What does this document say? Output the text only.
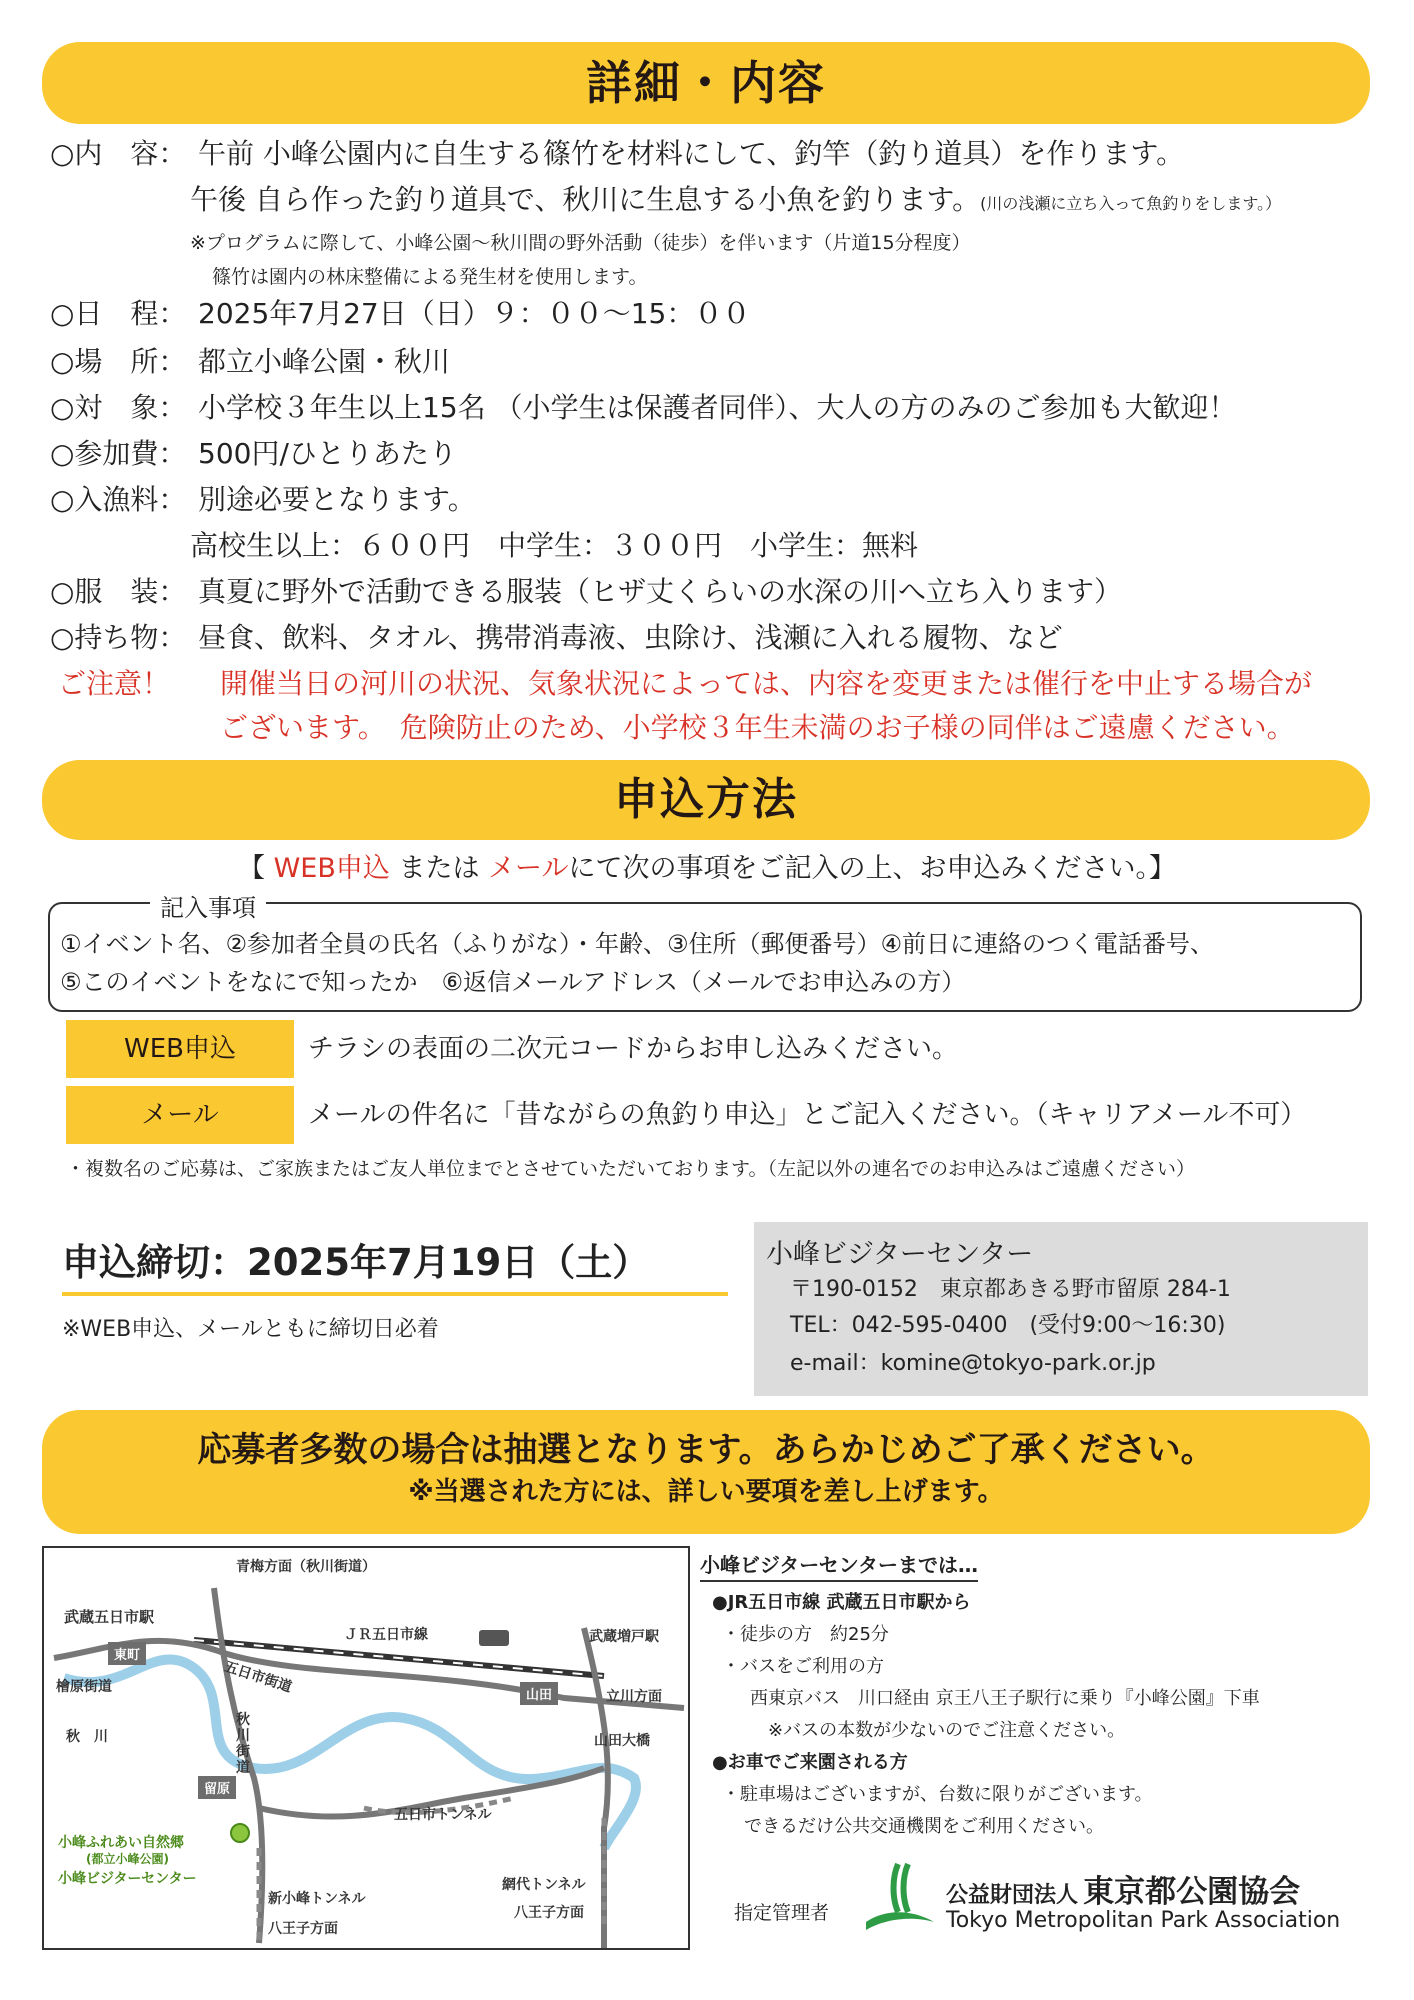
詳細・内容
○内　容： 午前 小峰公園内に自生する篠竹を材料にして、釣竿（釣り道具）を作ります。
午後 自ら作った釣り道具で、秋川に生息する小魚を釣ります。(川の浅瀬に立ち入って魚釣りをします。）
※プログラムに際して、小峰公園～秋川間の野外活動（徒歩）を伴います（片道15分程度）
篠竹は園内の林床整備による発生材を使用します。
○日　程： 2025年7月27日（日）９：００～15：００
○場　所： 都立小峰公園・秋川
○対　象： 小学校３年生以上15名 （小学生は保護者同伴）、大人の方のみのご参加も大歓迎！
○参加費： 500円/ひとりあたり
○入漁料： 別途必要となります。
高校生以上：６００円　中学生：３００円　小学生：無料
○服　装： 真夏に野外で活動できる服装（ヒザ丈くらいの水深の川へ立ち入ります）
○持ち物： 昼食、飲料、タオル、携帯消毒液、虫除け、浅瀬に入れる履物、など
ご注意！ 開催当日の河川の状況、気象状況によっては、内容を変更または催行を中止する場合が
ございます。　危険防止のため、小学校３年生未満のお子様の同伴はご遠慮ください。
申込方法
【 WEB申込 または メールにて次の事項をご記入の上、お申込みください。】
記入事項
①イベント名、②参加者全員の氏名（ふりがな）・年齢、③住所（郵便番号）④前日に連絡のつく電話番号、
⑤このイベントをなにで知ったか　⑥返信メールアドレス（メールでお申込みの方）
WEB申込	チラシの表面の二次元コードからお申し込みください。
メール	メールの件名に「昔ながらの魚釣り申込」とご記入ください。（キャリアメール不可）
・複数名のご応募は、ご家族またはご友人単位までとさせていただいております。（左記以外の連名でのお申込みはご遠慮ください）
申込締切：2025年7月19日（土）
※WEB申込、メールともに締切日必着
小峰ビジターセンター
〒190-0152　東京都あきる野市留原 284-1
TEL：042-595-0400　(受付9:00～16:30)
e-mail：komine@tokyo-park.or.jp
応募者多数の場合は抽選となります。あらかじめご了承ください。
※当選された方には、詳しい要項を差し上げます。
青梅方面（秋川街道）
武蔵五日市駅
ＪＲ五日市線	武蔵増戸駅
五日市街道
東町
檜原街道
秋　川
秋川街道
山田	立川方面
山田大橋
留原
五日市トンネル
小峰ふれあい自然郷
(都立小峰公園)
小峰ビジターセンター
新小峰トンネル
八王子方面
網代トンネル
八王子方面
小峰ビジターセンターまでは…
●JR五日市線 武蔵五日市駅から
・徒歩の方　約25分
・バスをご利用の方
西東京バス　川口経由 京王八王子駅行に乗り『小峰公園』下車
※バスの本数が少ないのでご注意ください。
●お車でご来園される方
・駐車場はございますが、台数に限りがございます。
できるだけ公共交通機関をご利用ください。
指定管理者
公益財団法人 東京都公園協会
Tokyo Metropolitan Park Association
